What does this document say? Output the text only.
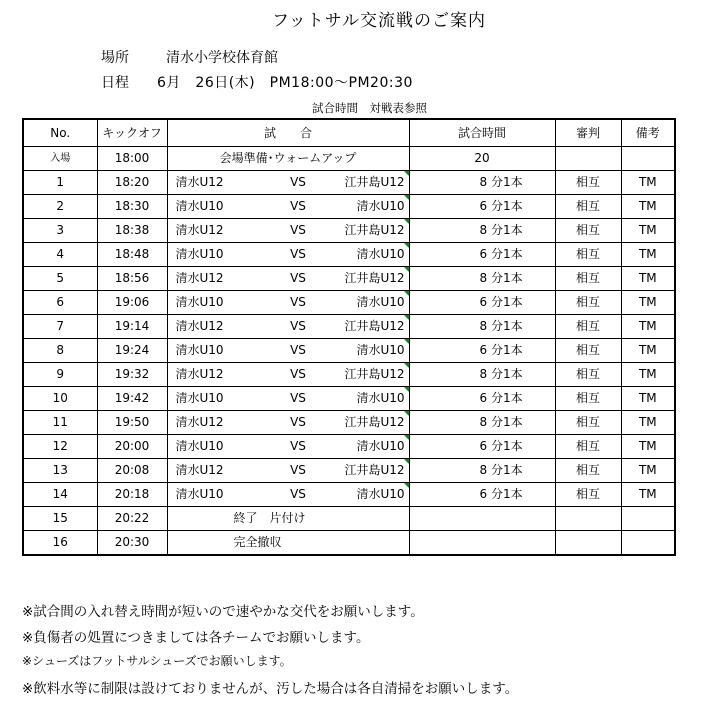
フットサル交流戦のご案内
場所	清水小学校体育館
日程 6月　26日(木)　PM18:00～PM20:30
試合時間　対戦表参照
No.	キックオフ	試　　合			試合時間	審判	備考
入場	18:00	会場準備･ウォームアップ			20		
1	18:20	清水U12	VS	江井島U12	8 分1本	相互	TM
2	18:30	清水U10	VS	清水U10	6 分1本	相互	TM
3	18:38	清水U12	VS	江井島U12	8 分1本	相互	TM
4	18:48	清水U10	VS	清水U10	6 分1本	相互	TM
5	18:56	清水U12	VS	江井島U12	8 分1本	相互	TM
6	19:06	清水U10	VS	清水U10	6 分1本	相互	TM
7	19:14	清水U12	VS	江井島U12	8 分1本	相互	TM
8	19:24	清水U10	VS	清水U10	6 分1本	相互	TM
9	19:32	清水U12	VS	江井島U12	8 分1本	相互	TM
10	19:42	清水U10	VS	清水U10	6 分1本	相互	TM
11	19:50	清水U12	VS	江井島U12	8 分1本	相互	TM
12	20:00	清水U10	VS	清水U10	6 分1本	相互	TM
13	20:08	清水U12	VS	江井島U12	8 分1本	相互	TM
14	20:18	清水U10	VS	清水U10	6 分1本	相互	TM
15	20:22	終了　片付け					
16	20:30	完全撤収					
※試合間の入れ替え時間が短いので速やかな交代をお願いします。
※負傷者の処置につきましては各チームでお願いします。
※シューズはフットサルシューズでお願いします。
※飲料水等に制限は設けておりませんが、汚した場合は各自清掃をお願いします。
